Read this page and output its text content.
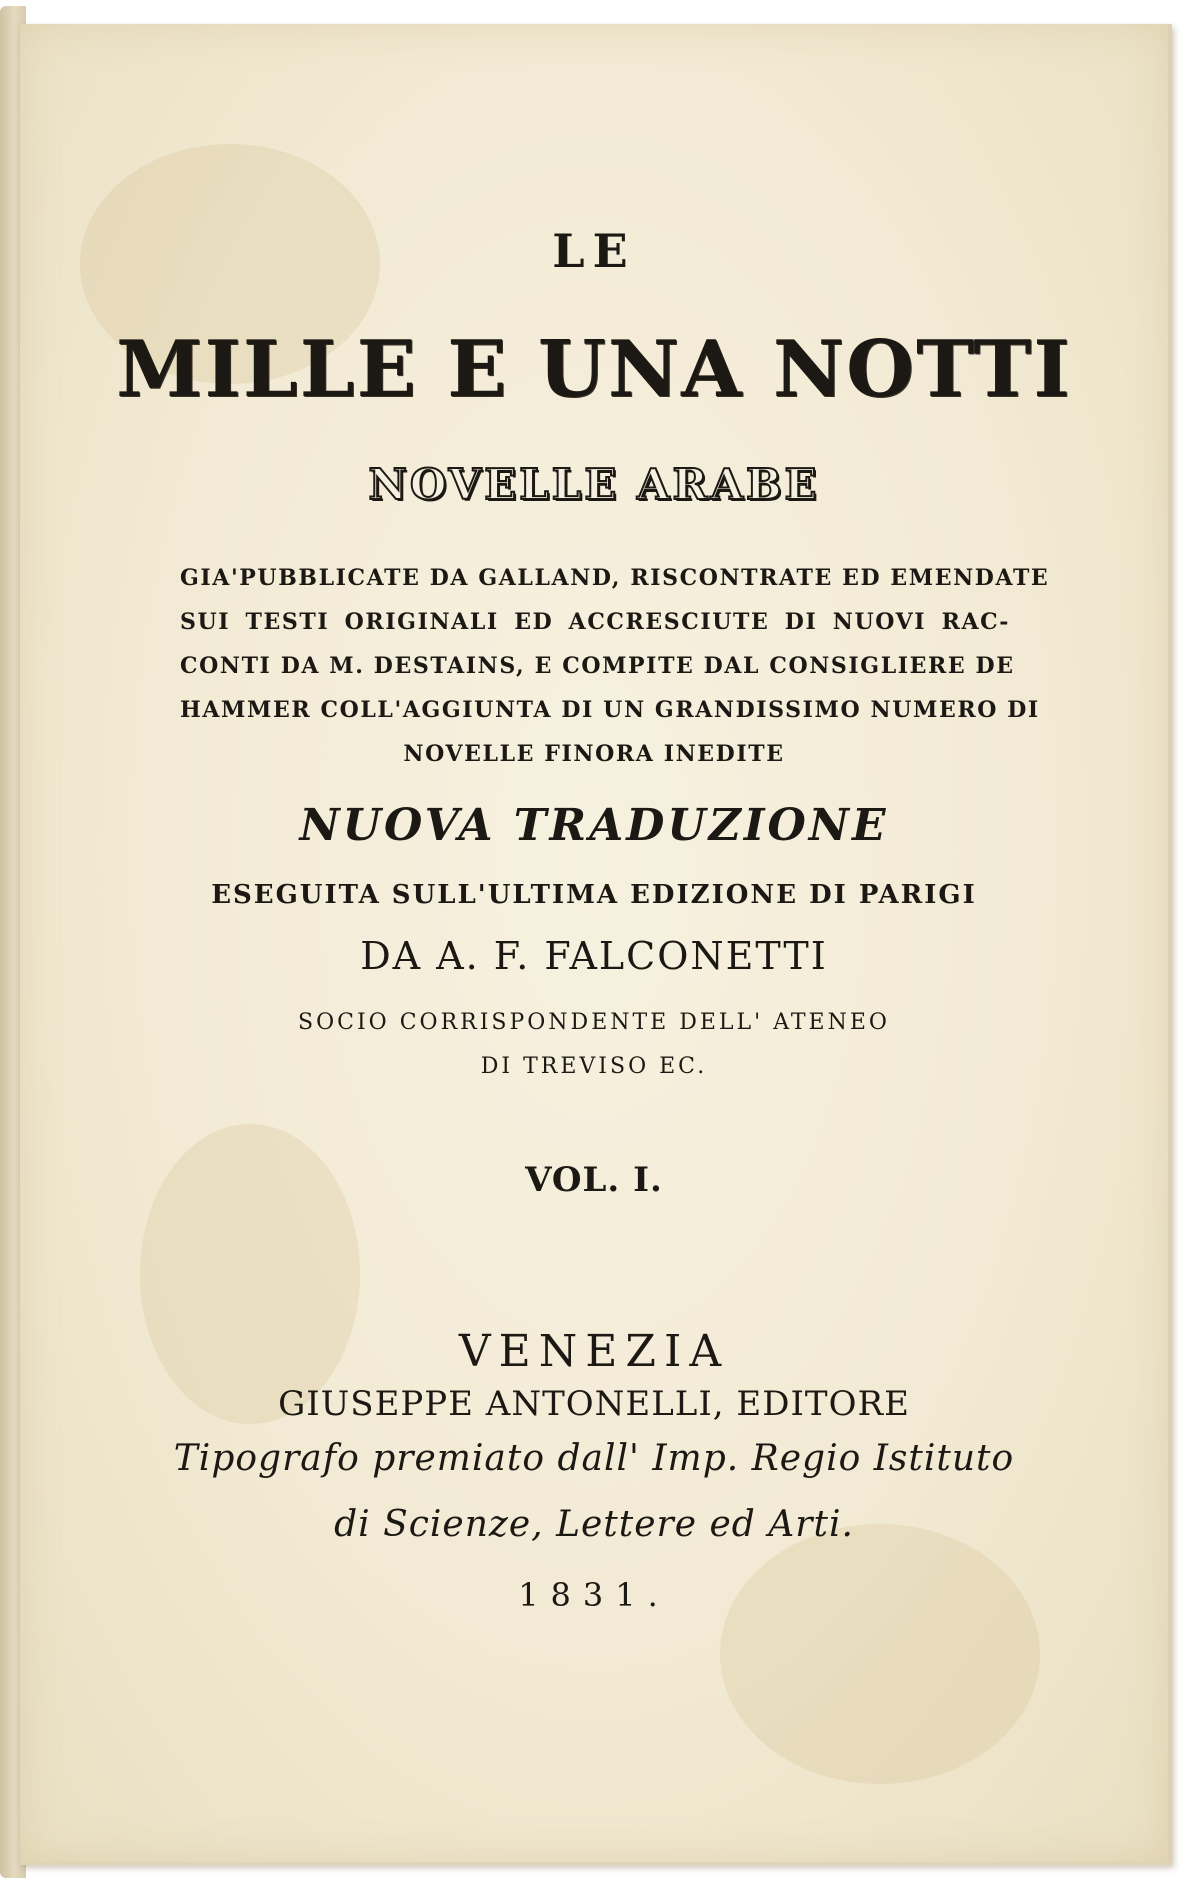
LE
MILLE E UNA NOTTI
NOVELLE ARABE
GIA'PUBBLICATE DA GALLAND, RISCONTRATE ED EMENDATE
SUI TESTI ORIGINALI ED ACCRESCIUTE DI NUOVI RAC-
CONTI DA M. DESTAINS, E COMPITE DAL CONSIGLIERE DE
HAMMER COLL'AGGIUNTA DI UN GRANDISSIMO NUMERO DI
NOVELLE FINORA INEDITE
NUOVA TRADUZIONE
ESEGUITA SULL'ULTIMA EDIZIONE DI PARIGI
DA A. F. FALCONETTI
SOCIO CORRISPONDENTE DELL' ATENEO
DI TREVISO EC.
VOL. I.
VENEZIA
GIUSEPPE ANTONELLI, EDITORE
Tipografo premiato dall' Imp. Regio Istituto
di Scienze, Lettere ed Arti.
1831.
